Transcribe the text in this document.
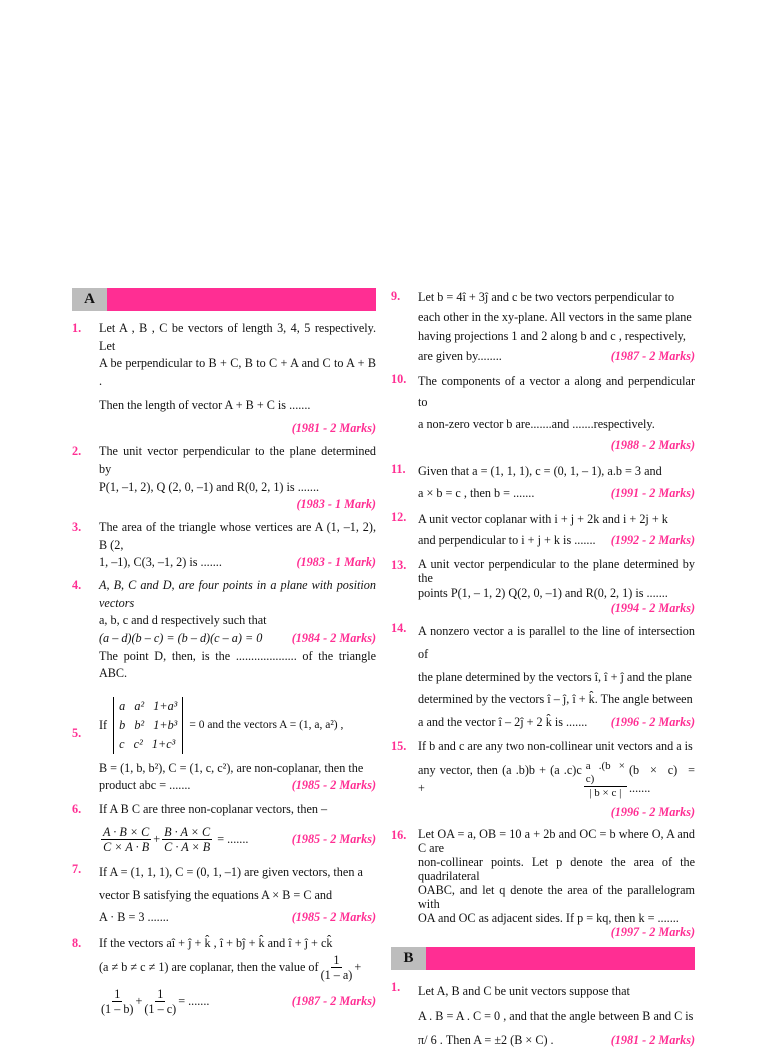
A
1.	Let A , B , C be vectors of length 3, 4, 5 respectively. Let
A be perpendicular to B + C, B to C + A and C to A + B .
Then the length of vector A + B + C is .......
(1981 - 2 Marks)
2.	The unit vector perpendicular to the plane determined by
P(1, –1, 2), Q (2, 0, –1) and R(0, 2, 1) is .......
(1983 - 1 Mark)
3.	The area of the triangle whose vertices are A (1, –1, 2), B (2,
1, –1), C(3, –1, 2) is .......	(1983 - 1 Mark)
4.	A, B, C and D, are four points in a plane with position vectors
a, b, c and d respectively such that
(a – d)(b – c) = (b – d)(c – a) = 0 (1984 - 2 Marks)
The point D, then, is the .................... of the triangle ABC.
5.
If
a   a²   1+a³
b   b²   1+b³
c   c²   1+c³
= 0 and the vectors A = (1, a, a²) ,
B = (1, b, b²), C = (1, c, c²), are non-coplanar, then the
product abc = .......	(1985 - 2 Marks)
6.	If A B C are three non-coplanar vectors, then –
$\frac{A \cdot B \times C}{C \times A \cdot B} + \frac{B \cdot A \times C}{C \cdot A \times B}$ = .......	(1985 - 2 Marks)
7.	If A = (1, 1, 1), C = (0, 1, –1) are given vectors, then a
vector B satisfying the equations A × B = C and
A · B = 3 .......	(1985 - 2 Marks)
8.	If the vectors aî + ĵ + k̂ , î + bĵ + k̂ and î + ĵ + ck̂
(a ≠ b ≠ c ≠ 1) are coplanar, then the value of $\frac{1}{(1 - a)}$ +
$\frac{1}{(1 - b)} + \frac{1}{(1 - c)}$ = .......	(1987 - 2 Marks)
9.	Let b = 4î + 3ĵ and c be two vectors perpendicular to
each other in the xy-plane. All vectors in the same plane
having projections 1 and 2 along b and c , respectively,
are given by........	(1987 - 2 Marks)
10. The components of a vector a along and perpendicular to
a non-zero vector b are.......and .......respectively.
(1988 - 2 Marks)
11.	Given that a = (1, 1, 1), c = (0, 1, – 1), a.b = 3 and
a × b = c , then b = .......	(1991 - 2 Marks)
12. A unit vector coplanar with i + j + 2k and i + 2j + k
and perpendicular to i + j + k is ....... (1992 - 2 Marks)
13. A unit vector perpendicular to the plane determined by the
points P(1, – 1, 2) Q(2, 0, –1) and R(0, 2, 1) is .......
(1994 - 2 Marks)
14. A nonzero vector a is parallel to the line of intersection of
the plane determined by the vectors î, î + ĵ and the plane
determined by the vectors î – ĵ, î + k̂. The angle between
a and the vector î – 2ĵ + 2 k̂ is ....... (1996 - 2 Marks)
15. If b and c are any two non-collinear unit vectors and a is
any vector, then (a .b)b + (a .c)c +	$\frac{a .(b \times c)}{| b \times c |} (b \times c)$ = .......
(1996 - 2 Marks)
16. Let OA = a, OB = 10 a + 2b and OC = b where O, A and C are
non-collinear points. Let p denote the area of the quadrilateral
OABC, and let q denote the area of the parallelogram with
OA and OC as adjacent sides. If p = kq, then k = .......
(1997 - 2 Marks)
B
1.	Let A, B and C be unit vectors suppose that
A . B = A . C = 0 , and that the angle between B and C is
π/ 6 . Then A = ±2 (B × C) .	(1981 - 2 Marks)
